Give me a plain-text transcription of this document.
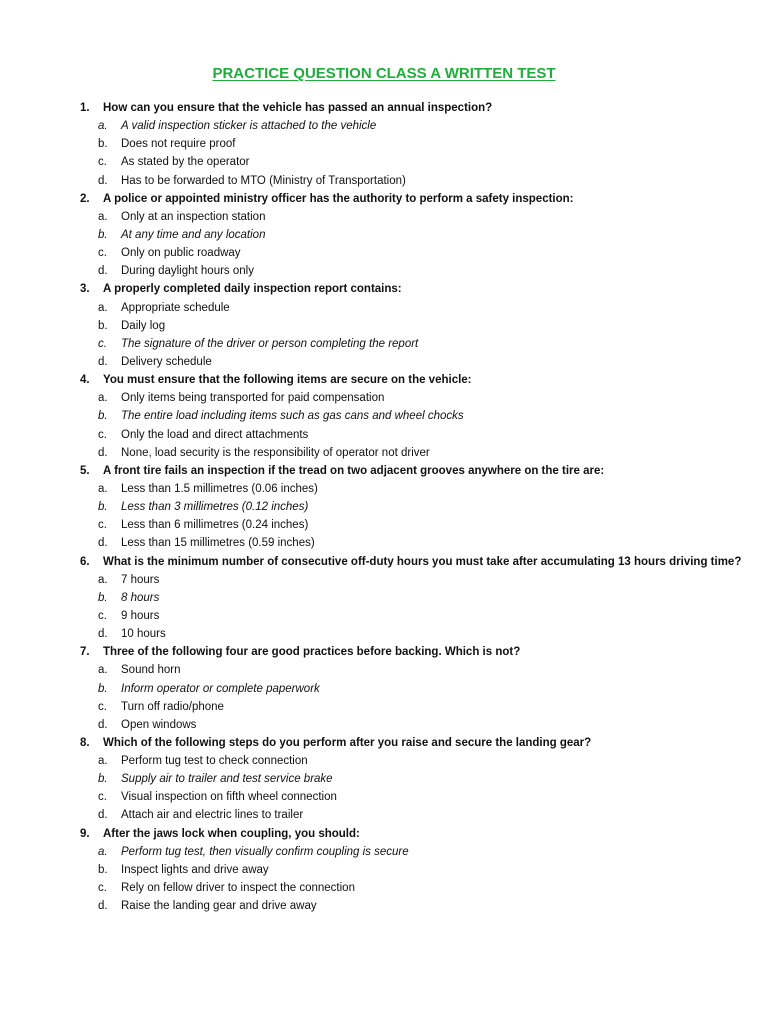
PRACTICE QUESTION CLASS A WRITTEN TEST
1. How can you ensure that the vehicle has passed an annual inspection?
a. A valid inspection sticker is attached to the vehicle
b. Does not require proof
c. As stated by the operator
d. Has to be forwarded to MTO (Ministry of Transportation)
2. A police or appointed ministry officer has the authority to perform a safety inspection:
a. Only at an inspection station
b. At any time and any location
c. Only on public roadway
d. During daylight hours only
3. A properly completed daily inspection report contains:
a. Appropriate schedule
b. Daily log
c. The signature of the driver or person completing the report
d. Delivery schedule
4. You must ensure that the following items are secure on the vehicle:
a. Only items being transported for paid compensation
b. The entire load including items such as gas cans and wheel chocks
c. Only the load and direct attachments
d. None, load security is the responsibility of operator not driver
5. A front tire fails an inspection if the tread on two adjacent grooves anywhere on the tire are:
a. Less than 1.5 millimetres (0.06 inches)
b. Less than 3 millimetres (0.12 inches)
c. Less than 6 millimetres (0.24 inches)
d. Less than 15 millimetres (0.59 inches)
6. What is the minimum number of consecutive off-duty hours you must take after accumulating 13 hours driving time?
a. 7 hours
b. 8 hours
c. 9 hours
d. 10 hours
7. Three of the following four are good practices before backing. Which is not?
a. Sound horn
b. Inform operator or complete paperwork
c. Turn off radio/phone
d. Open windows
8. Which of the following steps do you perform after you raise and secure the landing gear?
a. Perform tug test to check connection
b. Supply air to trailer and test service brake
c. Visual inspection on fifth wheel connection
d. Attach air and electric lines to trailer
9. After the jaws lock when coupling, you should:
a. Perform tug test, then visually confirm coupling is secure
b. Inspect lights and drive away
c. Rely on fellow driver to inspect the connection
d. Raise the landing gear and drive away
